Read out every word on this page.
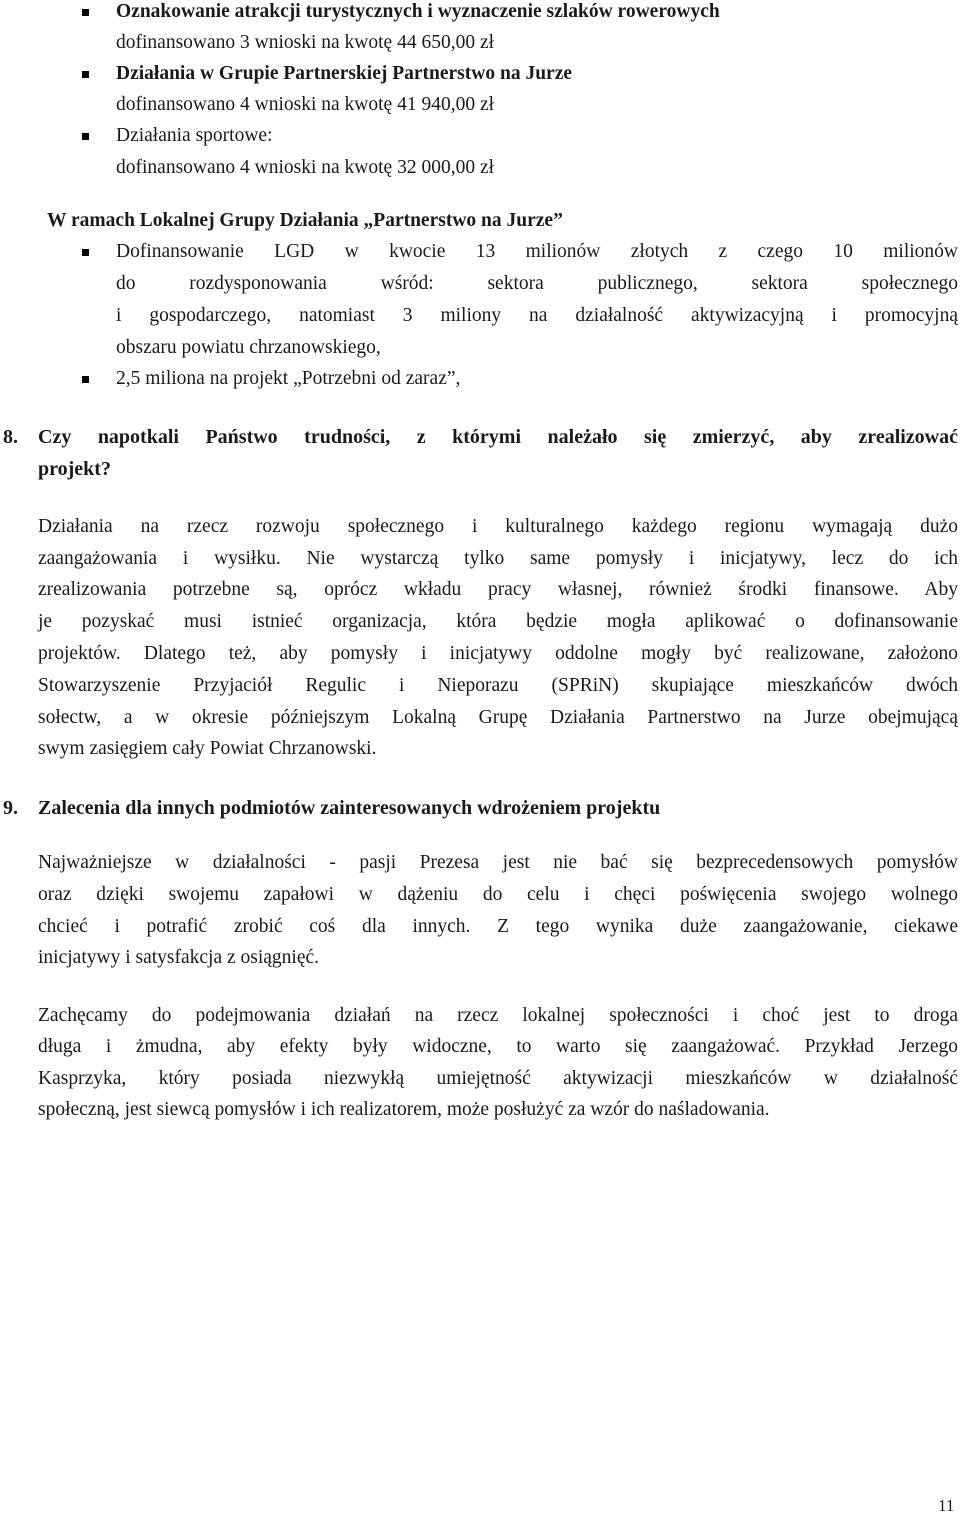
Oznakowanie atrakcji turystycznych i wyznaczenie szlaków rowerowych
dofinansowano 3 wnioski na kwotę 44 650,00 zł
Działania w Grupie Partnerskiej Partnerstwo na Jurze
dofinansowano 4 wnioski na kwotę 41 940,00 zł
Działania sportowe:
dofinansowano 4 wnioski na kwotę 32 000,00 zł
W ramach Lokalnej Grupy Działania „Partnerstwo na Jurze”
Dofinansowanie LGD w kwocie 13 milionów złotych z czego 10 milionów
do rozdysponowania wśród: sektora publicznego, sektora społecznego
i gospodarczego, natomiast 3 miliony na działalność aktywizacyjną i promocyjną
obszaru powiatu chrzanowskiego,
2,5 miliona na projekt „Potrzebni od zaraz”,
8. Czy napotkali Państwo trudności, z którymi należało się zmierzyć, aby zrealizować
projekt?
Działania na rzecz rozwoju społecznego i kulturalnego każdego regionu wymagają dużo
zaangażowania i wysiłku. Nie wystarczą tylko same pomysły i inicjatywy, lecz do ich
zrealizowania potrzebne są, oprócz wkładu pracy własnej, również środki finansowe. Aby
je pozyskać musi istnieć organizacja, która będzie mogła aplikować o dofinansowanie
projektów. Dlatego też, aby pomysły i inicjatywy oddolne mogły być realizowane, założono
Stowarzyszenie Przyjaciół Regulic i Nieporazu (SPRiN) skupiające mieszkańców dwóch
sołectw, a w okresie późniejszym Lokalną Grupę Działania Partnerstwo na Jurze obejmującą
swym zasięgiem cały Powiat Chrzanowski.
9. Zalecenia dla innych podmiotów zainteresowanych wdrożeniem projektu
Najważniejsze w działalności - pasji Prezesa jest nie bać się bezprecedensowych pomysłów
oraz dzięki swojemu zapałowi w dążeniu do celu i chęci poświęcenia swojego wolnego
chcieć i potrafić zrobić coś dla innych. Z tego wynika duże zaangażowanie, ciekawe
inicjatywy i satysfakcja z osiągnięć.
Zachęcamy do podejmowania działań na rzecz lokalnej społeczności i choć jest to droga
długa i żmudna, aby efekty były widoczne, to warto się zaangażować. Przykład Jerzego
Kasprzyka, który posiada niezwykłą umiejętność aktywizacji mieszkańców w działalność
społeczną, jest siewcą pomysłów i ich realizatorem, może posłużyć za wzór do naśladowania.
11
